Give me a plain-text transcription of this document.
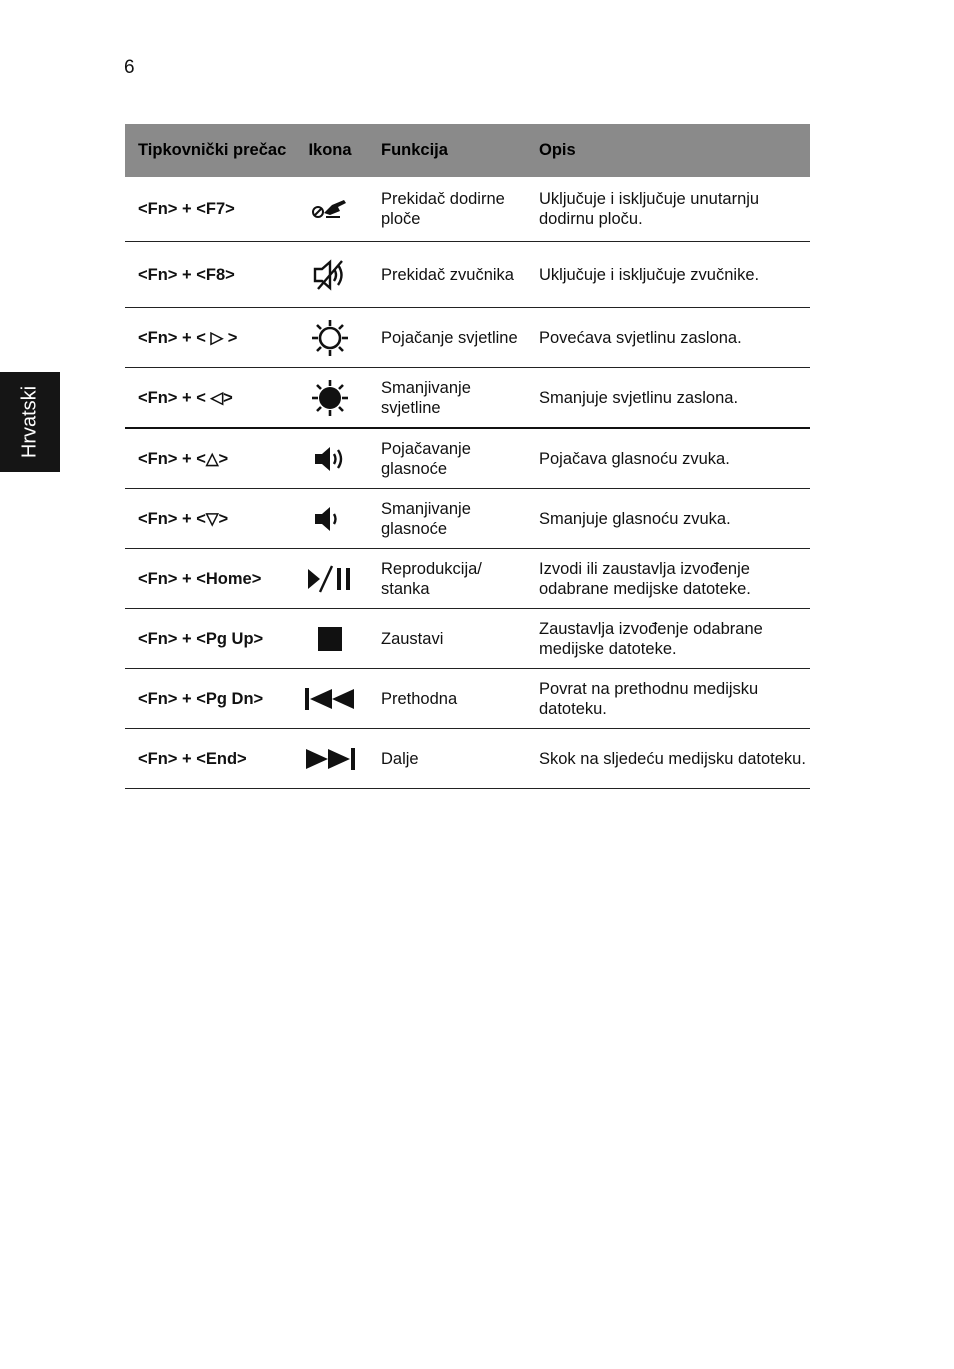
6
Hrvatski
Tipkovnički prečac	Ikona	Funkcija	Opis
<Fn> + <F7>		Prekidač dodirne ploče	Uključuje i isključuje unutarnju dodirnu ploču.
<Fn> + <F8>		Prekidač zvučnika	Uključuje i isključuje zvučnike.
<Fn> + < ▷ >		Pojačanje svjetline	Povećava svjetlinu zaslona.
<Fn> + < ◁>		Smanjivanje svjetline	Smanjuje svjetlinu zaslona.
<Fn> + <△>		Pojačavanje glasnoće	Pojačava glasnoću zvuka.
<Fn> + <▽>		Smanjivanje glasnoće	Smanjuje glasnoću zvuka.
<Fn> + <Home>		Reprodukcija/ stanka	Izvodi ili zaustavlja izvođenje odabrane medijske datoteke.
<Fn> + <Pg Up>		Zaustavi	Zaustavlja izvođenje odabrane medijske datoteke.
<Fn> + <Pg Dn>		Prethodna	Povrat na prethodnu medijsku datoteku.
<Fn> + <End>		Dalje	Skok na sljedeću medijsku datoteku.
